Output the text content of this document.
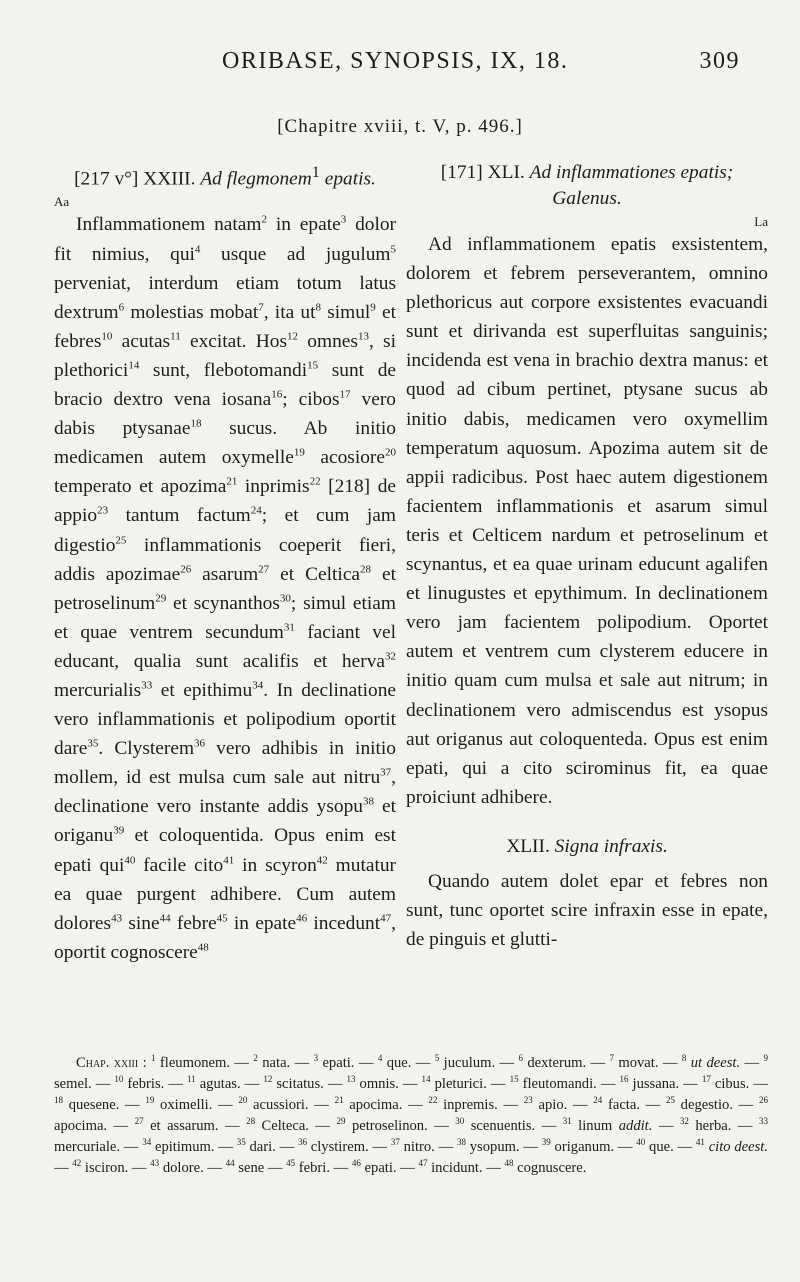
ORIBASE, SYNOPSIS, IX, 18.	309
[Chapitre xviii, t. V, p. 496.]

[217 v°] XXIII. Ad flegmonem$^1$ epatis.

Aa

Inflammationem natam$^2$ in epate$^3$ dolor fit nimius, qui$^4$ usque ad jugulum$^5$ perveniat, interdum etiam totum latus dextrum$^6$ molestias mobat$^7$, ita $ut^8$ simul$^9$ et febres$^{10}$ acutas$^{11}$ excitat. Hos$^{12}$ omnes$^{13}$, si plethorici$^{14}$ sunt, flebotomandi$^{15}$ sunt de bracio dextro vena iosana$^{16}$; cibos$^{17}$ vero dabis ptysanae$^{18}$ sucus. Ab initio medicamen autem oxymelle$^{19}$ acosiore$^{20}$ temperato et apozima$^{21}$ inprimis$^{22}$ [218] de appio$^{23}$ tantum factum$^{24}$; et cum jam digestio$^{25}$ inflammationis coeperit fieri, addis apozimae$^{26}$ asarum$^{27}$ et Celtica$^{28}$ et petroselinum$^{29}$ et scynanthos$^{30}$; simul etiam et quae ventrem secundum$^{31}$ faciant vel educant, qualia sunt acalifis et herva$^{32}$ mercurialis$^{33}$ et epithimu$^{34}$. In declinatione vero inflammationis et polipodium oportit dare$^{35}$. Clysterem$^{36}$ vero adhibis in initio mollem, id est mulsa cum sale aut nitru$^{37}$, declinatione vero instante addis ysopu$^{38}$ et origanu$^{39}$ et coloquentida. Opus enim est epati qui$^{40}$ facile cito$^{41}$ in scyron$^{42}$ mutatur ea quae purgent adhibere. Cum autem dolores$^{43}$ sine$^{44}$ febre$^{45}$ in epate$^{46}$ incedunt$^{47}$, oportit cognoscere$^{48}$

[171] XLI. Ad inflammationes epatis; Galenus.

La

Ad inflammationem epatis exsistentem, dolorem et febrem perseverantem, omnino plethoricus aut corpore exsistentes evacuandi sunt et dirivanda est superfluitas sanguinis; incidenda est vena in brachio dextra manus: et quod ad cibum pertinet, ptysane sucus ab initio dabis, medicamen vero oxymellim temperatum aquosum. Apozima autem sit de appii radicibus. Post haec autem digestionem facientem inflammationis et asarum simul teris et Celticem nardum et petroselinum et scynantus, et ea quae urinam educunt agalifen et linugustes et epythimum. In declinationem vero jam facientem polipodium. Oportet autem et ventrem cum clysterem educere in initio quam cum mulsa et sale aut nitrum; in declinationem vero admiscendus est ysopus aut origanus aut coloquenteda. Opus est enim epati, qui a cito scirominus fit, ea quae proiciunt adhibere.

XLII. Signa infraxis.

Quando autem dolet epar et febres non sunt, tunc oportet scire infraxin esse in epate, de pinguis et glutti-

Chap. xxiii : $^1$ fleumonem. — $^2$ nata. — $^3$ epati. — $^4$ que. — $^5$ juculum. — $^6$ dexterum. — $^7$ movat. — $^8$ ut deest. — $^9$ semel. — $^{10}$ febris. — $^{11}$ agutas. — $^{12}$ scitatus. — $^{13}$ omnis. — $^{14}$ pleturici. — $^{15}$ fleutomandi. — $^{16}$ jussana. — $^{17}$ cibus. — $^{18}$ quesene. — $^{19}$ oximelli. — $^{20}$ acussiori. — $^{21}$ apocima. — $^{22}$ inpremis. — $^{23}$ apio. — $^{24}$ facta. — $^{25}$ degestio. — $^{26}$ apocima. — $^{27}$ et assarum. — $^{28}$ Celteca. — $^{29}$ petroselinon. — $^{30}$ scenuentis. — $^{31}$ linum addit. — $^{32}$ herba. — $^{33}$ mercuriale. — $^{34}$ epitimum. — $^{35}$ dari. — $^{36}$ clystirem. — $^{37}$ nitro. — $^{38}$ ysopum. — $^{39}$ origanum. — $^{40}$ que. — $^{41}$ cito deest. — $^{42}$ isciron. — $^{43}$ dolore. — $^{44}$ sene — $^{45}$ febri. — $^{46}$ epati. — $^{47}$ incidunt. — $^{48}$ cognuscere.
